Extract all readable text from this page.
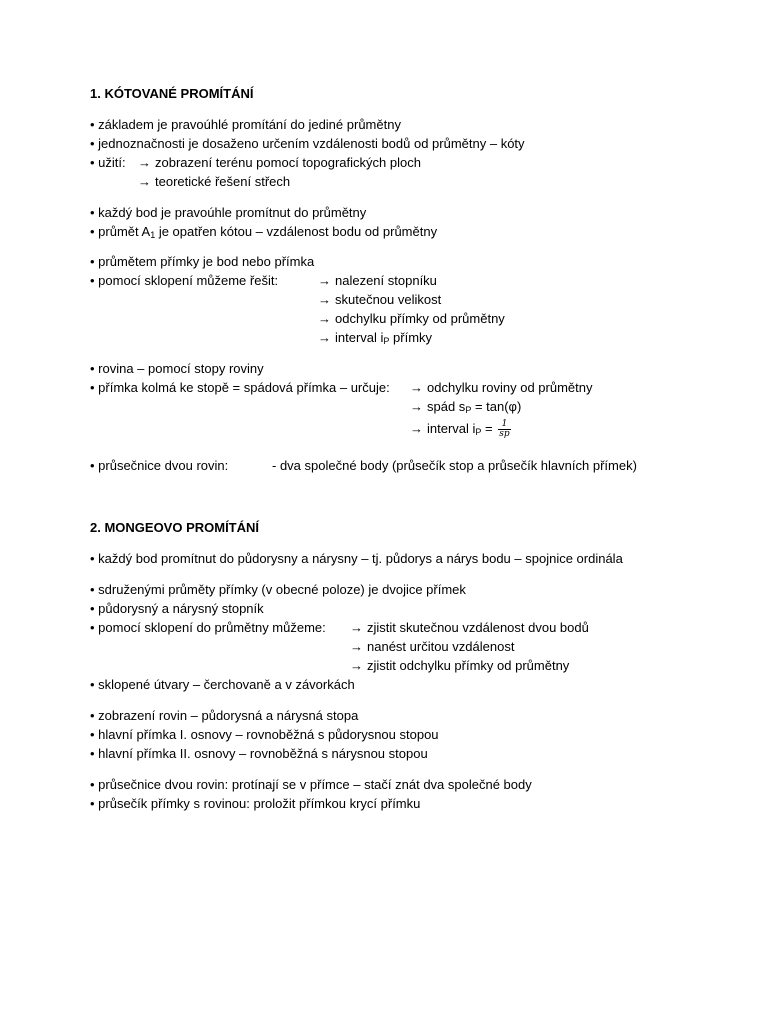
1. KÓTOVANÉ PROMÍTÁNÍ
• základem je pravoúhlé promítání do jediné průmětny
• jednoznačnosti je dosaženo určením vzdálenosti bodů od průmětny – kóty
• užití: → zobrazení terénu pomocí topografických ploch
→ teoretické řešení střech
• každý bod je pravoúhle promítnut do průmětny
• průmět $A_1$ je opatřen kótou – vzdálenost bodu od průmětny
• průmětem přímky je bod nebo přímka
• pomocí sklopení můžeme řešit:	→ nalezení stopníku
→ skutečnou velikost
→ odchylku přímky od průmětny
→ interval $i_P$ přímky
• rovina – pomocí stopy roviny
• přímka kolmá ke stopě = spádová přímka – určuje: → odchylku roviny od průmětny
→ spád $s_P = \tan(\varphi)$
→ interval $i_P = \frac{1}{sp}$
• průsečnice dvou rovin:	- dva společné body (průsečík stop a průsečík hlavních přímek)
2. MONGEOVO PROMÍTÁNÍ
• každý bod promítnut do půdorysny a nárysny – tj. půdorys a nárys bodu – spojnice ordinála
• sdruženými průměty přímky (v obecné poloze) je dvojice přímek
• půdorysný a nárysný stopník
• pomocí sklopení do průmětny můžeme: → zjistit skutečnou vzdálenost dvou bodů
→ nanést určitou vzdálenost
→ zjistit odchylku přímky od průmětny
• sklopené útvary – čerchovaně a v závorkách
• zobrazení rovin – půdorysná a nárysná stopa
• hlavní přímka I. osnovy – rovnoběžná s půdorysnou stopou
• hlavní přímka II. osnovy – rovnoběžná s nárysnou stopou
• průsečnice dvou rovin: protínají se v přímce – stačí znát dva společné body
• průsečík přímky s rovinou: proložit přímkou krycí přímku
